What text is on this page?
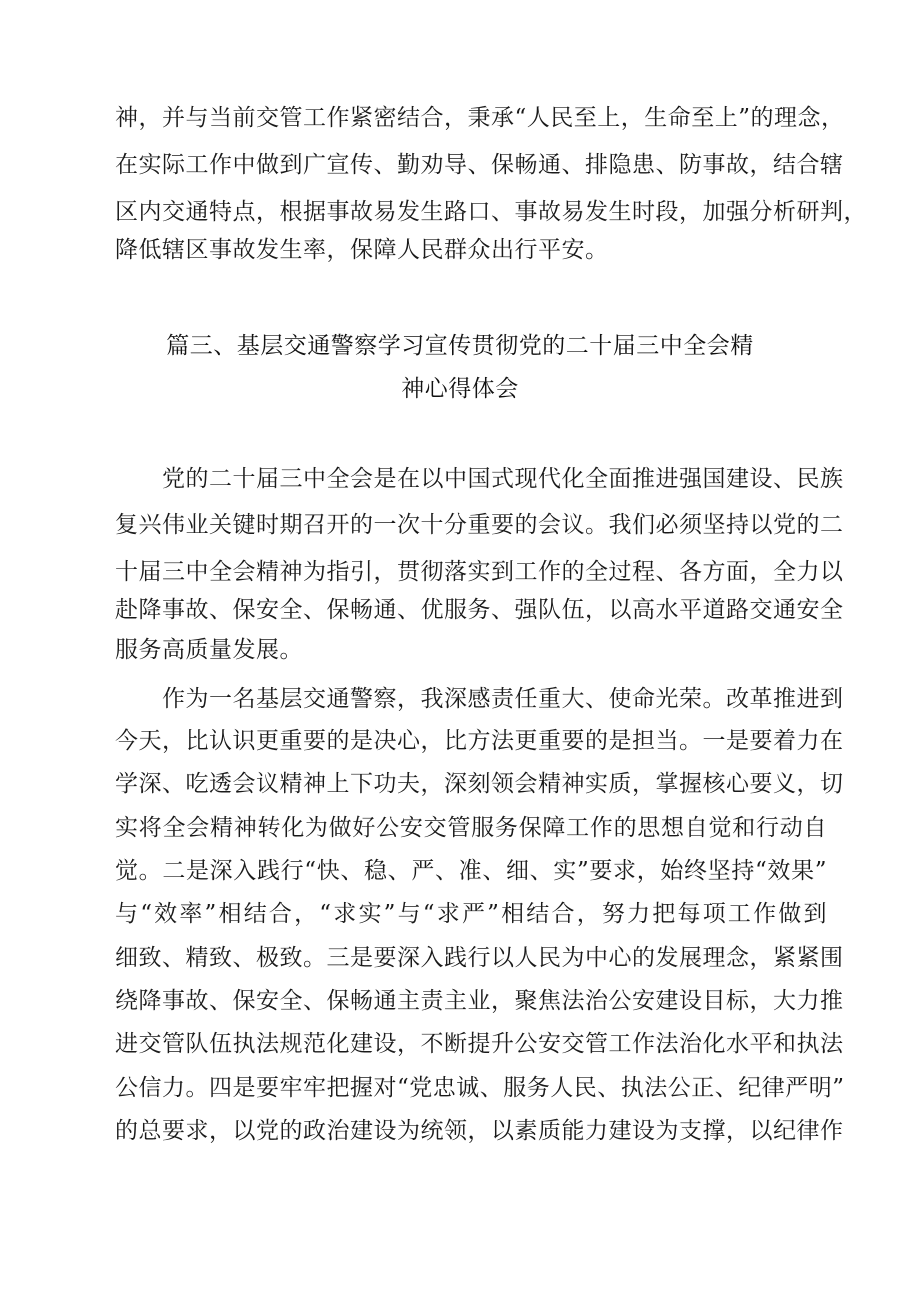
神，并与当前交管工作紧密结合，秉承“人民至上，生命至上”的理念，
在实际工作中做到广宣传、勤劝导、保畅通、排隐患、防事故，结合辖
区内交通特点，根据事故易发生路口、事故易发生时段，加强分析研判，
降低辖区事故发生率，保障人民群众出行平安。
篇三、基层交通警察学习宣传贯彻党的二十届三中全会精
神心得体会
党的二十届三中全会是在以中国式现代化全面推进强国建设、民族
复兴伟业关键时期召开的一次十分重要的会议。我们必须坚持以党的二
十届三中全会精神为指引，贯彻落实到工作的全过程、各方面，全力以
赴降事故、保安全、保畅通、优服务、强队伍，以高水平道路交通安全
服务高质量发展。
作为一名基层交通警察，我深感责任重大、使命光荣。改革推进到
今天，比认识更重要的是决心，比方法更重要的是担当。一是要着力在
学深、吃透会议精神上下功夫，深刻领会精神实质，掌握核心要义，切
实将全会精神转化为做好公安交管服务保障工作的思想自觉和行动自
觉。二是深入践行“快、稳、严、准、细、实”要求，始终坚持“效果”
与“效率”相结合，“求实”与“求严”相结合，努力把每项工作做到
细致、精致、极致。三是要深入践行以人民为中心的发展理念，紧紧围
绕降事故、保安全、保畅通主责主业，聚焦法治公安建设目标，大力推
进交管队伍执法规范化建设，不断提升公安交管工作法治化水平和执法
公信力。四是要牢牢把握对“党忠诚、服务人民、执法公正、纪律严明”
的总要求，以党的政治建设为统领，以素质能力建设为支撑，以纪律作
